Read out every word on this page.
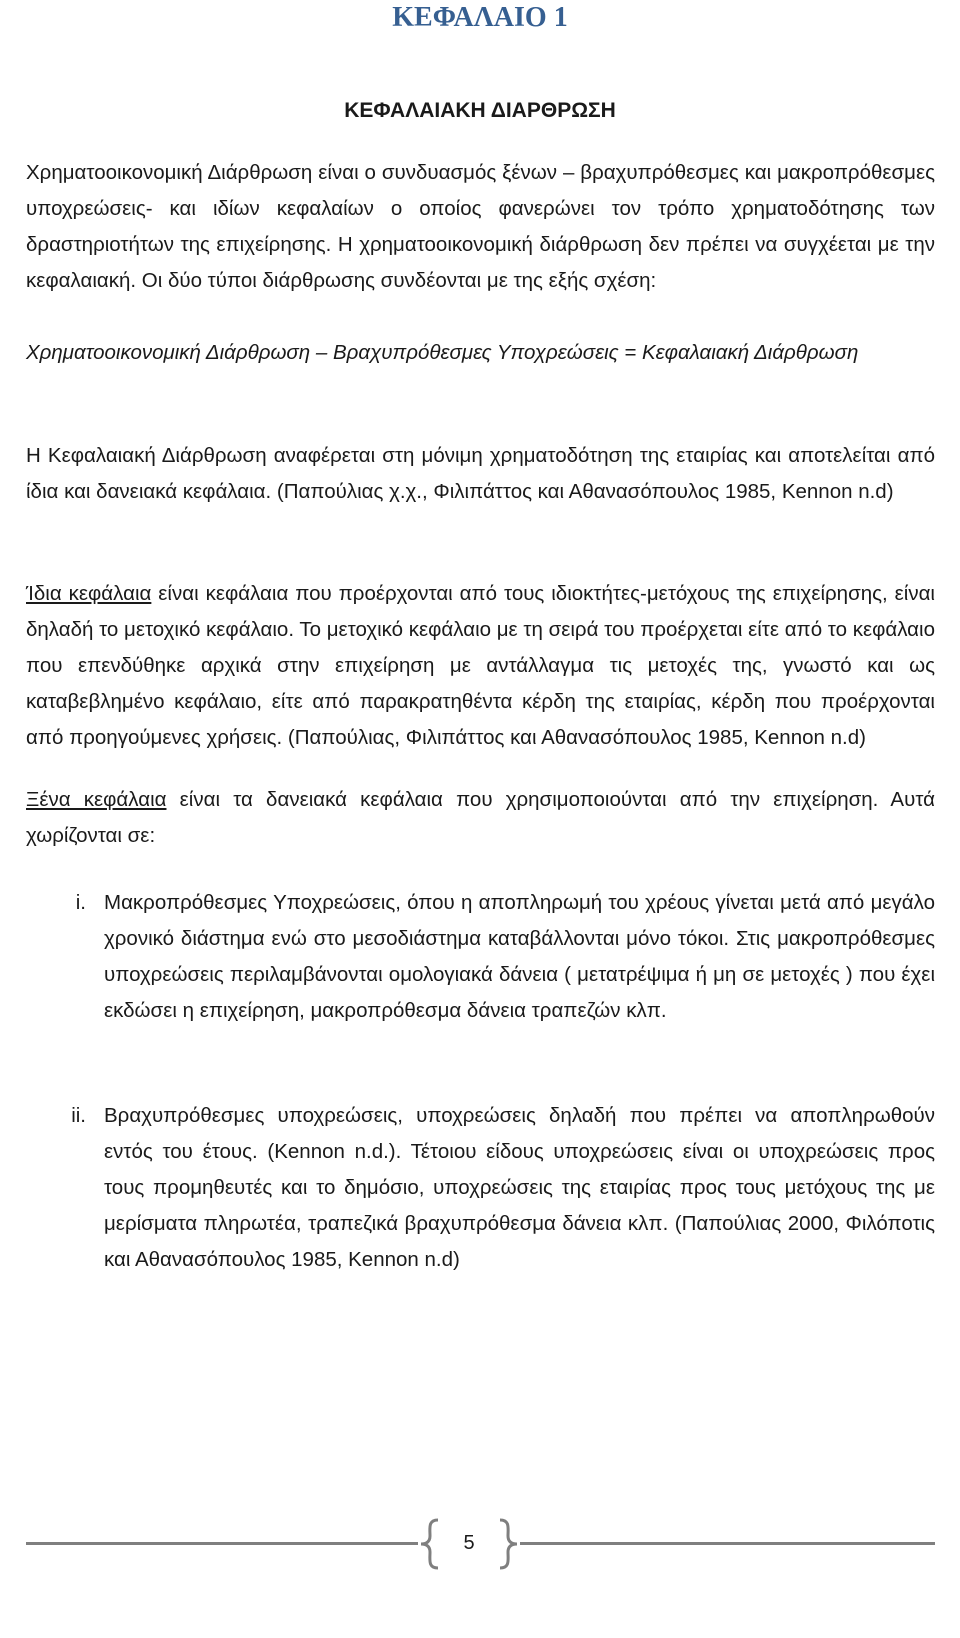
ΚΕΦΑΛΑΙΟ 1
ΚΕΦΑΛΑΙΑΚΗ ΔΙΑΡΘΡΩΣΗ

Χρηματοοικονομική Διάρθρωση είναι ο συνδυασμός ξένων – βραχυπρόθεσμες και μακροπρόθεσμες υποχρεώσεις- και ιδίων κεφαλαίων ο οποίος φανερώνει τον τρόπο χρηματοδότησης των δραστηριοτήτων της επιχείρησης. Η χρηματοοικονομική διάρθρωση δεν πρέπει να συγχέεται με την κεφαλαιακή. Οι δύο τύποι διάρθρωσης συνδέονται με της εξής σχέση:

Χρηματοοικονομική Διάρθρωση – Βραχυπρόθεσμες Υποχρεώσεις = Κεφαλαιακή Διάρθρωση

Η Κεφαλαιακή Διάρθρωση αναφέρεται στη μόνιμη χρηματοδότηση της εταιρίας και αποτελείται από ίδια και δανειακά κεφάλαια. (Παπούλιας χ.χ., Φιλιπάττος και Αθανασόπουλος 1985, Kennon n.d)

Ίδια κεφάλαια είναι κεφάλαια που προέρχονται από τους ιδιοκτήτες-μετόχους της επιχείρησης, είναι δηλαδή το μετοχικό κεφάλαιο. Το μετοχικό κεφάλαιο με τη σειρά του προέρχεται είτε από το κεφάλαιο που επενδύθηκε αρχικά στην επιχείρηση με αντάλλαγμα τις μετοχές της, γνωστό και ως καταβεβλημένο κεφάλαιο, είτε από παρακρατηθέντα κέρδη της εταιρίας, κέρδη που προέρχονται από προηγούμενες χρήσεις. (Παπούλιας, Φιλιπάττος και Αθανασόπουλος 1985, Kennon n.d)

Ξένα κεφάλαια είναι τα δανειακά κεφάλαια που χρησιμοποιούνται από την επιχείρηση. Αυτά χωρίζονται σε:

i. Μακροπρόθεσμες Υποχρεώσεις, όπου η αποπληρωμή του χρέους γίνεται μετά από μεγάλο χρονικό διάστημα ενώ στο μεσοδιάστημα καταβάλλονται μόνο τόκοι. Στις μακροπρόθεσμες υποχρεώσεις περιλαμβάνονται ομολογιακά δάνεια ( μετατρέψιμα ή μη σε μετοχές ) που έχει εκδώσει η επιχείρηση, μακροπρόθεσμα δάνεια τραπεζών κλπ.

ii. Βραχυπρόθεσμες υποχρεώσεις, υποχρεώσεις δηλαδή που πρέπει να αποπληρωθούν εντός του έτους. (Kennon n.d.). Τέτοιου είδους υποχρεώσεις είναι οι υποχρεώσεις προς τους προμηθευτές και το δημόσιο, υποχρεώσεις της εταιρίας προς τους μετόχους της με μερίσματα πληρωτέα, τραπεζικά βραχυπρόθεσμα δάνεια κλπ. (Παπούλιας 2000, Φιλόποτις και Αθανασόπουλος 1985, Kennon n.d)

5
